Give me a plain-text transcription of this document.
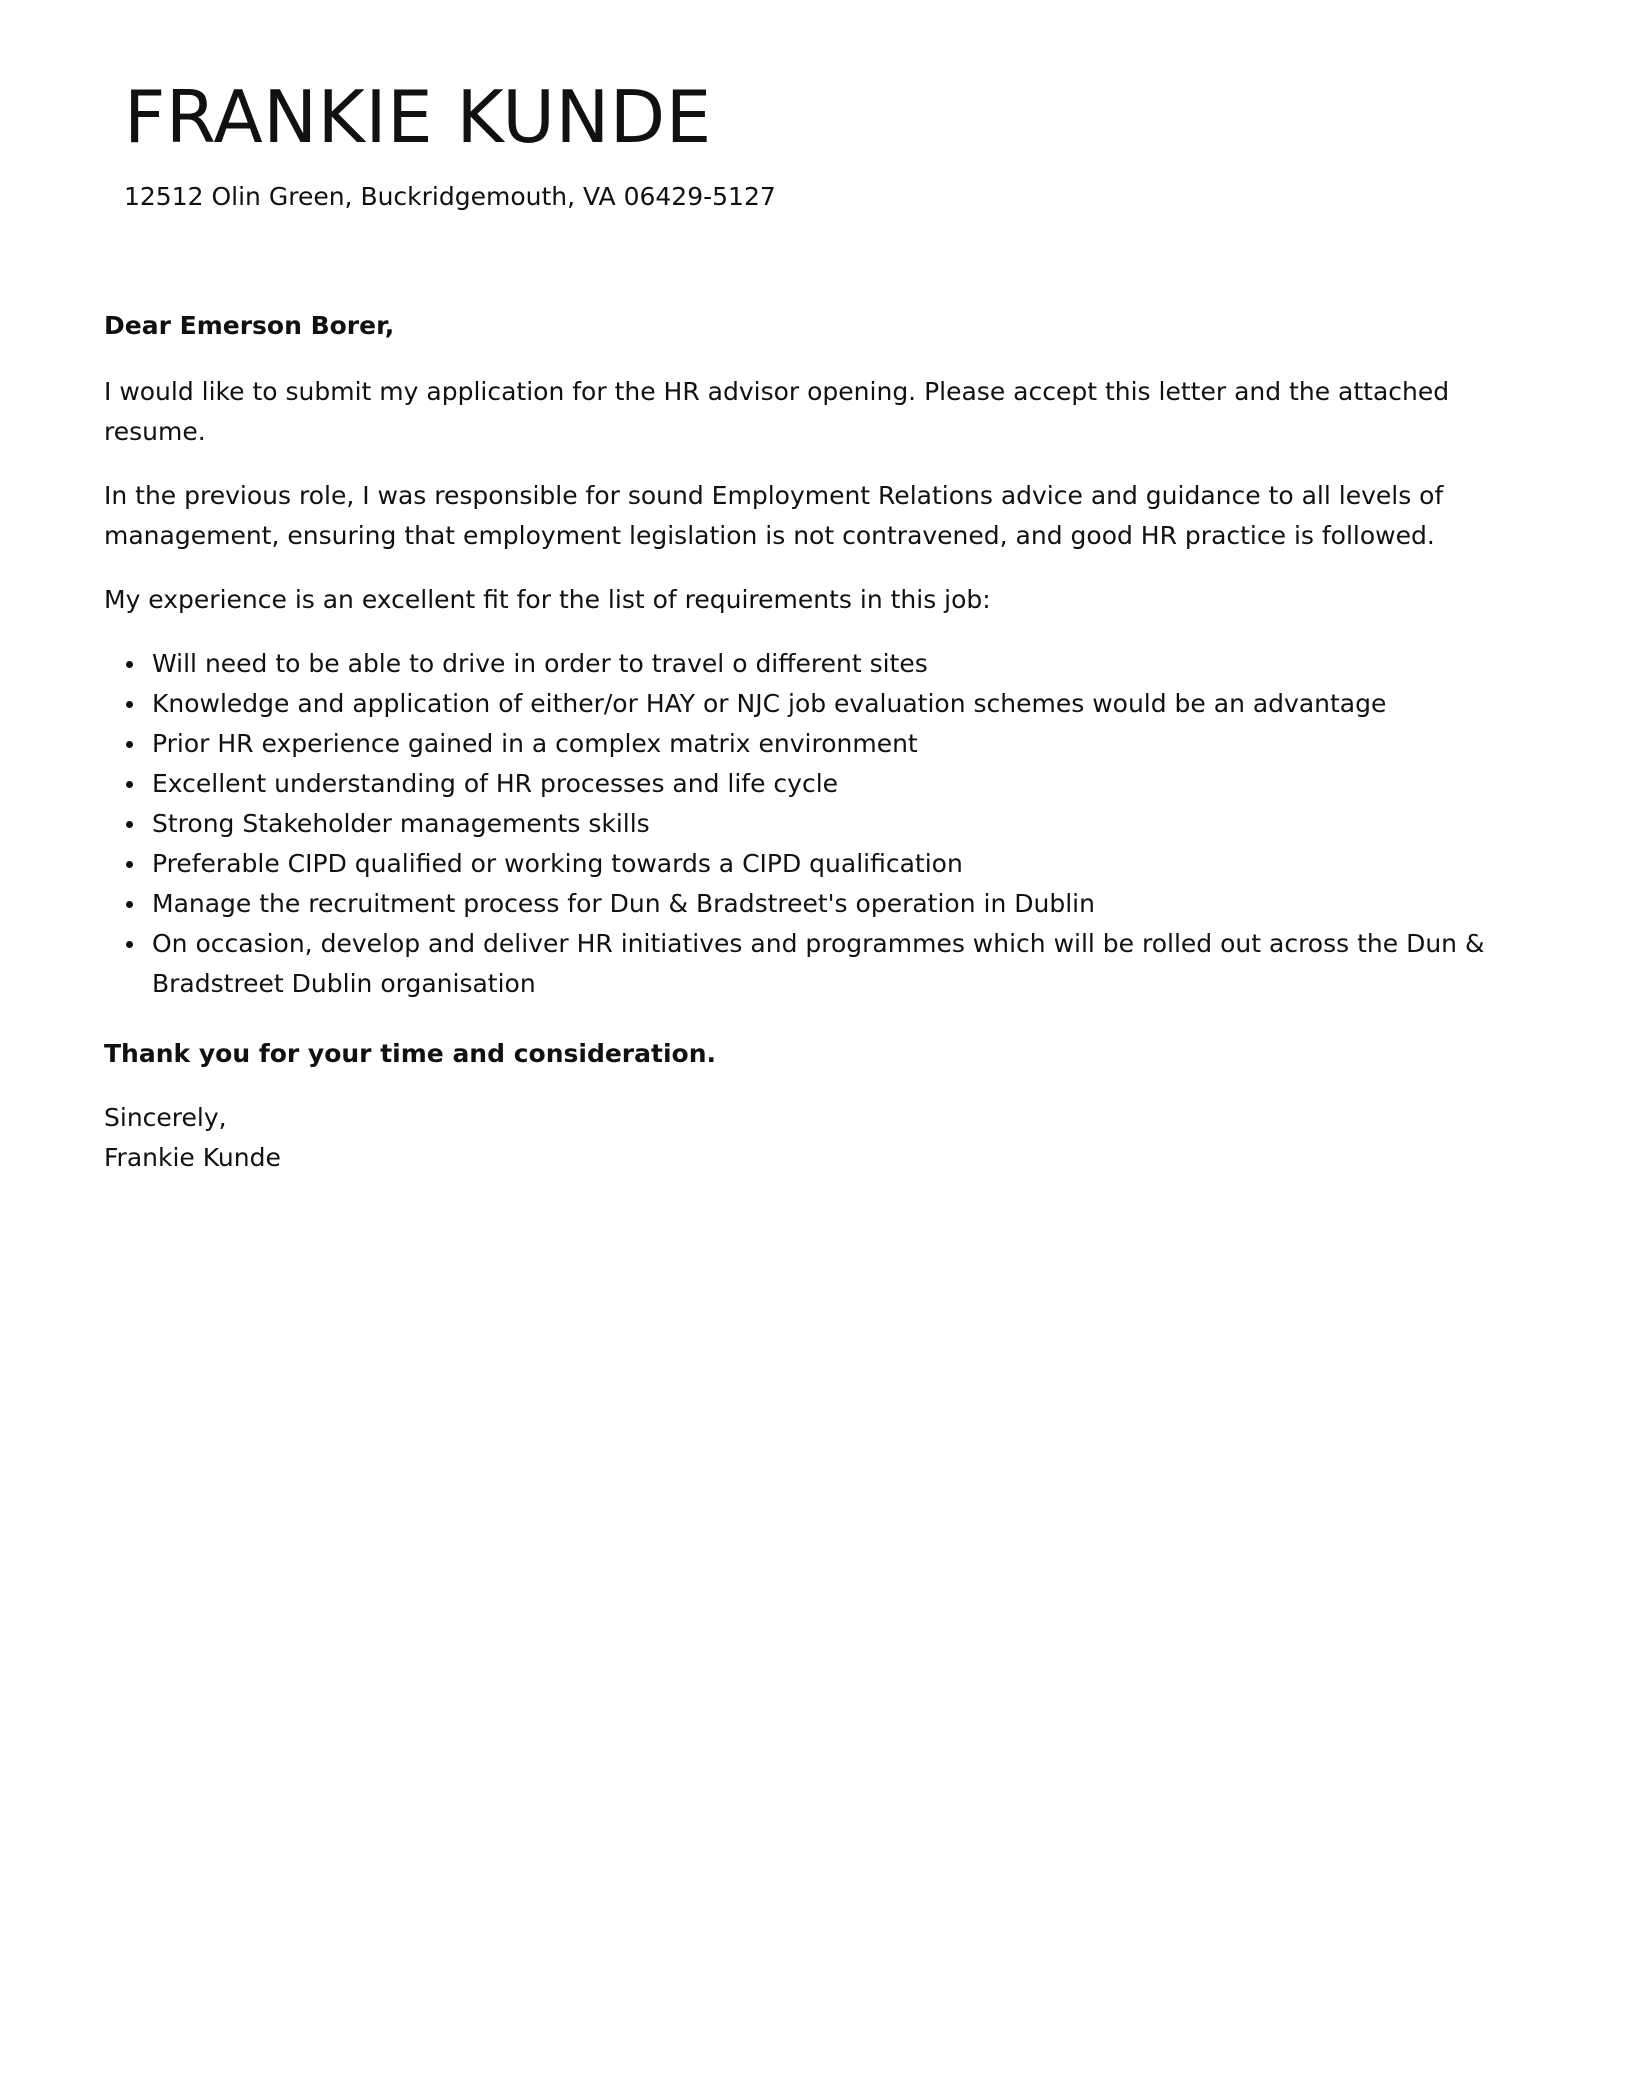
FRANKIE KUNDE

12512 Olin Green, Buckridgemouth, VA 06429-5127

Dear Emerson Borer,

I would like to submit my application for the HR advisor opening. Please accept this letter and the attached resume.

In the previous role, I was responsible for sound Employment Relations advice and guidance to all levels of management, ensuring that employment legislation is not contravened, and good HR practice is followed.

My experience is an excellent fit for the list of requirements in this job:

Will need to be able to drive in order to travel o different sites
Knowledge and application of either/or HAY or NJC job evaluation schemes would be an advantage
Prior HR experience gained in a complex matrix environment
Excellent understanding of HR processes and life cycle
Strong Stakeholder managements skills
Preferable CIPD qualified or working towards a CIPD qualification
Manage the recruitment process for Dun & Bradstreet's operation in Dublin
On occasion, develop and deliver HR initiatives and programmes which will be rolled out across the Dun & Bradstreet Dublin organisation

Thank you for your time and consideration.

Sincerely,

Frankie Kunde
